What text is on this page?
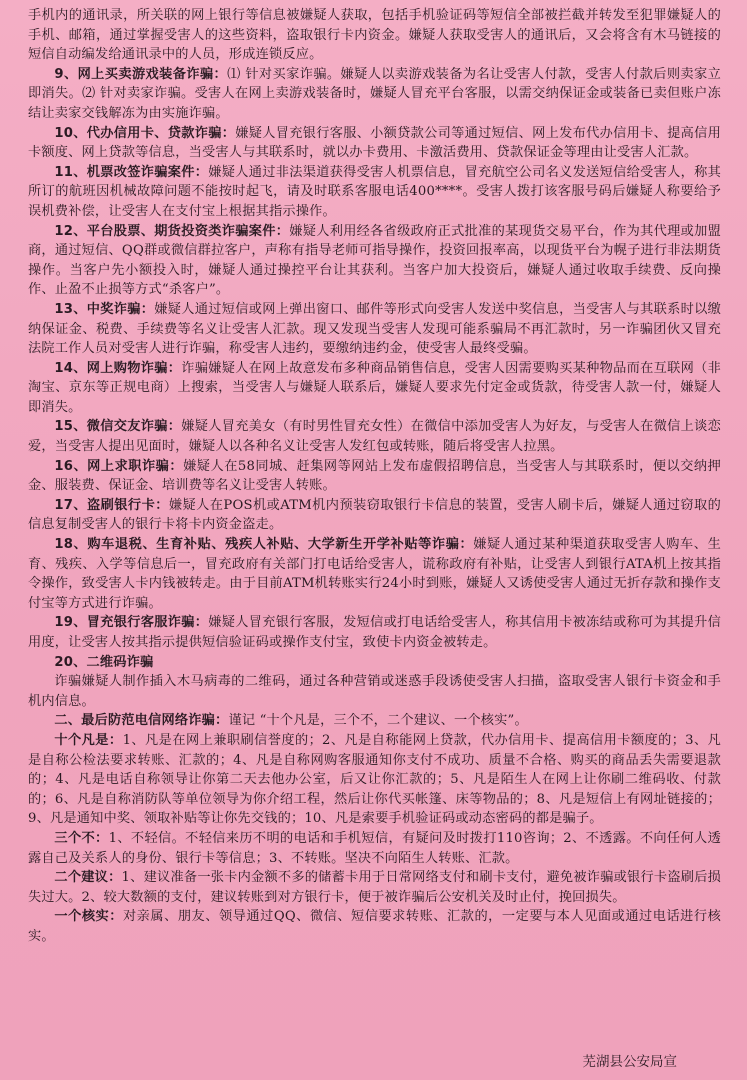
手机内的通讯录，所关联的网上银行等信息被嫌疑人获取，包括手机验证码等短信全部被拦截并转发至犯罪嫌疑人的手机、邮箱，通过掌握受害人的这些资料，盗取银行卡内资金。嫌疑人获取受害人的通讯后，又会将含有木马链接的短信自动编发给通讯录中的人员，形成连锁反应。

9、网上买卖游戏装备诈骗：⑴ 针对买家诈骗。嫌疑人以卖游戏装备为名让受害人付款，受害人付款后则卖家立即消失。⑵ 针对卖家诈骗。受害人在网上卖游戏装备时，嫌疑人冒充平台客服，以需交纳保证金或装备已卖但账户冻结让卖家交钱解冻为由实施诈骗。

10、代办信用卡、贷款诈骗：嫌疑人冒充银行客服、小额贷款公司等通过短信、网上发布代办信用卡、提高信用卡额度、网上贷款等信息，当受害人与其联系时，就以办卡费用、卡激活费用、贷款保证金等理由让受害人汇款。

11、机票改签诈骗案件：嫌疑人通过非法渠道获得受害人机票信息，冒充航空公司名义发送短信给受害人，称其所订的航班因机械故障问题不能按时起飞，请及时联系客服电话400****。受害人拨打该客服号码后嫌疑人称要给予误机费补偿，让受害人在支付宝上根据其指示操作。

12、平台股票、期货投资类诈骗案件：嫌疑人利用经各省级政府正式批准的某现货交易平台，作为其代理或加盟商，通过短信、QQ群或微信群拉客户，声称有指导老师可指导操作，投资回报率高，以现货平台为幌子进行非法期货操作。当客户先小额投入时，嫌疑人通过操控平台让其获利。当客户加大投资后，嫌疑人通过收取手续费、反向操作、止盈不止损等方式“杀客户”。

13、中奖诈骗：嫌疑人通过短信或网上弹出窗口、邮件等形式向受害人发送中奖信息，当受害人与其联系时以缴纳保证金、税费、手续费等名义让受害人汇款。现又发现当受害人发现可能系骗局不再汇款时，另一诈骗团伙又冒充法院工作人员对受害人进行诈骗，称受害人违约，要缴纳违约金，使受害人最终受骗。

14、网上购物诈骗：诈骗嫌疑人在网上故意发布多种商品销售信息，受害人因需要购买某种物品而在互联网（非淘宝、京东等正规电商）上搜索，当受害人与嫌疑人联系后，嫌疑人要求先付定金或货款，待受害人款一付，嫌疑人即消失。

15、微信交友诈骗：嫌疑人冒充美女（有时男性冒充女性）在微信中添加受害人为好友，与受害人在微信上谈恋爱，当受害人提出见面时，嫌疑人以各种名义让受害人发红包或转账，随后将受害人拉黑。

16、网上求职诈骗：嫌疑人在58同城、赶集网等网站上发布虚假招聘信息，当受害人与其联系时，便以交纳押金、服装费、保证金、培训费等名义让受害人转账。

17、盗刷银行卡：嫌疑人在POS机或ATM机内预装窃取银行卡信息的装置，受害人刷卡后，嫌疑人通过窃取的信息复制受害人的银行卡将卡内资金盗走。

18、购车退税、生育补贴、残疾人补贴、大学新生开学补贴等诈骗：嫌疑人通过某种渠道获取受害人购车、生育、残疾、入学等信息后一，冒充政府有关部门打电话给受害人，谎称政府有补贴，让受害人到银行ATA机上按其指令操作，致受害人卡内钱被转走。由于目前ATM机转账实行24小时到账，嫌疑人又诱使受害人通过无折存款和操作支付宝等方式进行诈骗。

19、冒充银行客服诈骗：嫌疑人冒充银行客服，发短信或打电话给受害人，称其信用卡被冻结或称可为其提升信用度，让受害人按其指示提供短信验证码或操作支付宝，致使卡内资金被转走。

20、二维码诈骗

诈骗嫌疑人制作插入木马病毒的二维码，通过各种营销或迷惑手段诱使受害人扫描，盗取受害人银行卡资金和手机内信息。

二、最后防范电信网络诈骗：谨记 “十个凡是，三个不，二个建议、一个核实”。

十个凡是：1、凡是在网上兼职刷信誉度的；2、凡是自称能网上贷款，代办信用卡、提高信用卡额度的；3、凡是自称公检法要求转账、汇款的；4、凡是自称网购客服通知你支付不成功、质量不合格、购买的商品丢失需要退款的；4、凡是电话自称领导让你第二天去他办公室，后又让你汇款的；5、凡是陌生人在网上让你刷二维码收、付款的；6、凡是自称消防队等单位领导为你介绍工程，然后让你代买帐篷、床等物品的；8、凡是短信上有网址链接的；9、凡是通知中奖、领取补贴等让你先交钱的；10、凡是索要手机验证码或动态密码的都是骗子。

三个不：1、不轻信。不轻信来历不明的电话和手机短信，有疑问及时拨打110咨询；2、不透露。不向任何人透露自己及关系人的身份、银行卡等信息；3、不转账。坚决不向陌生人转账、汇款。

二个建议：1、建议准备一张卡内金额不多的储蓄卡用于日常网络支付和刷卡支付，避免被诈骗或银行卡盗刷后损失过大。2、较大数额的支付，建议转账到对方银行卡，便于被诈骗后公安机关及时止付，挽回损失。

一个核实：对亲属、朋友、领导通过QQ、微信、短信要求转账、汇款的，一定要与本人见面或通过电话进行核实。

芜湖县公安局宣
